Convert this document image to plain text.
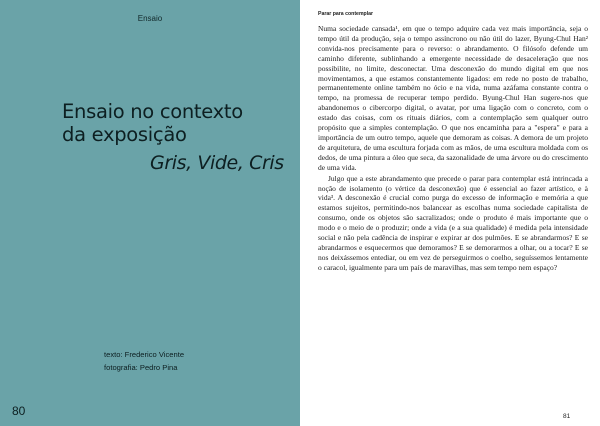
Ensaio
Ensaio no contexto
da exposição
Gris, Vide, Cris
texto: Frederico Vicente
fotografia: Pedro Pina
80
Parar para contemplar

Numa sociedade cansada¹, em que o tempo adquire cada vez mais importância, seja o tempo útil da produção, seja o tempo assíncrono ou não útil do lazer, Byung-Chul Han² convida-nos precisamente para o reverso: o abrandamento. O filósofo defende um caminho diferente, sublinhando a emergente necessidade de desaceleração que nos possibilite, no limite, desconectar. Uma desconexão do mundo digital em que nos movimentamos, a que estamos constantemente ligados: em rede no posto de trabalho, permanentemente online também no ócio e na vida, numa azáfama constante contra o tempo, na promessa de recuperar tempo perdido. Byung-Chul Han sugere-nos que abandonemos o cibercorpo digital, o avatar, por uma ligação com o concreto, com o estado das coisas, com os rituais diários, com a contemplação sem qualquer outro propósito que a simples contemplação. O que nos encaminha para a "espera" e para a importância de um outro tempo, aquele que demoram as coisas. A demora de um projeto de arquitetura, de uma escultura forjada com as mãos, de uma escultura moldada com os dedos, de uma pintura a óleo que seca, da sazonalidade de uma árvore ou do crescimento de uma vida.

Julgo que a este abrandamento que precede o parar para contemplar está intrincada a noção de isolamento (o vértice da desconexão) que é essencial ao fazer artístico, e à vida³. A desconexão é crucial como purga do excesso de informação e memória a que estamos sujeitos, permitindo-nos balancear as escolhas numa sociedade capitalista de consumo, onde os objetos são sacralizados; onde o produto é mais importante que o modo e o meio de o produzir; onde a vida (e a sua qualidade) é medida pela intensidade social e não pela cadência de inspirar e expirar ar dos pulmões. E se abrandarmos? E se abrandarmos e esquecermos que demoramos? E se demorarmos a olhar, ou a tocar? E se nos deixássemos entediar, ou em vez de perseguirmos o coelho, seguíssemos lentamente o caracol, igualmente para um país de maravilhas, mas sem tempo nem espaço?

81
